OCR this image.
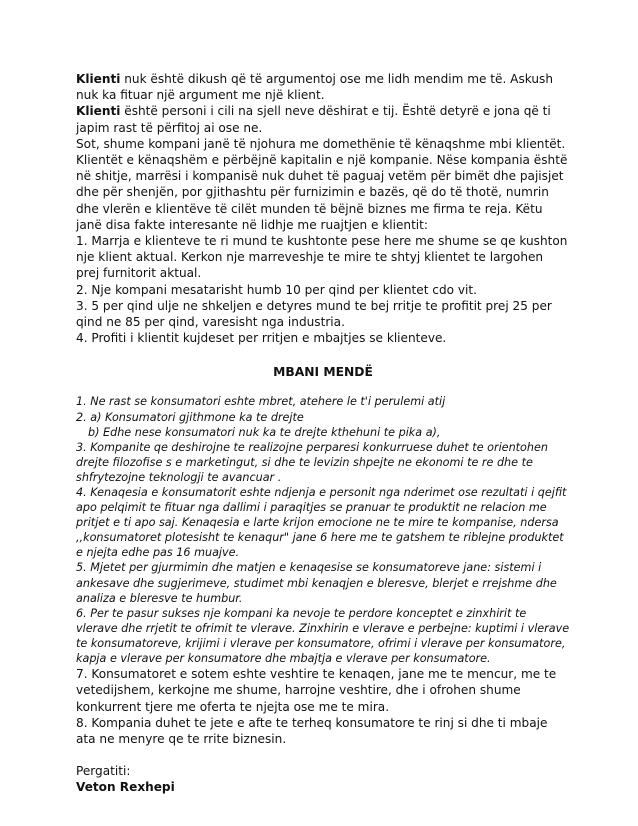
Klienti nuk është dikush që të argumentoj ose me lidh mendim me të. Askush nuk ka fituar një argument me një klient.

Klienti është personi i cili na sjell neve dëshirat e tij. Është detyrë e jona që ti japim rast të përfitoj ai ose ne.

Sot, shume kompani janë të njohura me domethënie të kënaqshme mbi klientët. Klientët e kënaqshëm e përbëjnë kapitalin e një kompanie. Nëse kompania është në shitje, marrësi i kompanisë nuk duhet të paguaj vetëm për bimët dhe pajisjet dhe për shenjën, por gjithashtu për furnizimin e bazës, që do të thotë, numrin dhe vlerën e klientëve të cilët munden të bëjnë biznes me firma te reja. Këtu janë disa fakte interesante në lidhje me ruajtjen e klientit:

1. Marrja e klienteve te ri mund te kushtonte pese here me shume se qe kushton nje klient aktual. Kerkon nje marreveshje te mire te shtyj klientet te largohen prej furnitorit aktual.

2. Nje kompani mesatarisht humb 10 per qind per klientet cdo vit.

3. 5 per qind ulje ne shkeljen e detyres mund te bej rritje te profitit prej 25 per qind ne 85 per qind, varesisht nga industria.

4. Profiti i klientit kujdeset per rritjen e mbajtjes se klienteve.

MBANI MENDË

1. Ne rast se konsumatori eshte mbret, atehere le t'i perulemi atij

2. a) Konsumatori gjithmone ka te drejte

b) Edhe nese konsumatori nuk ka te drejte kthehuni te pika a),

3. Kompanite qe deshirojne te realizojne perparesi konkurruese duhet te orientohen drejte filozofise s e marketingut, si dhe te levizin shpejte ne ekonomi te re dhe te shfrytezojne teknologji te avancuar .

4. Kenaqesia e konsumatorit eshte ndjenja e personit nga nderimet ose rezultati i qejfit apo pelqimit te fituar nga dallimi i paraqitjes se pranuar te produktit ne relacion me pritjet e ti apo saj. Kenaqesia e larte krijon emocione ne te mire te kompanise, ndersa ,,konsumatoret plotesisht te kenaqur" jane 6 here me te gatshem te riblejne produktet e njejta edhe pas 16 muajve.

5. Mjetet per gjurmimin dhe matjen e kenaqesise se konsumatoreve jane: sistemi i ankesave dhe sugjerimeve, studimet mbi kenaqjen e bleresve, blerjet e rrejshme dhe analiza e bleresve te humbur.

6. Per te pasur sukses nje kompani ka nevoje te perdore konceptet e zinxhirit te vlerave dhe rrjetit te ofrimit te vlerave. Zinxhirin e vlerave e perbejne: kuptimi i vlerave te konsumatoreve, krijimi i vlerave per konsumatore, ofrimi i vlerave per konsumatore, kapja e vlerave per konsumatore dhe mbajtja e vlerave per konsumatore.

7. Konsumatoret e sotem eshte veshtire te kenaqen, jane me te mencur, me te vetedijshem, kerkojne me shume, harrojne veshtire, dhe i ofrohen shume konkurrent tjere me oferta te njejta ose me te mira.

8. Kompania duhet te jete e afte te terheq konsumatore te rinj si dhe ti mbaje ata ne menyre qe te rrite biznesin.

Pergatiti:

Veton Rexhepi
